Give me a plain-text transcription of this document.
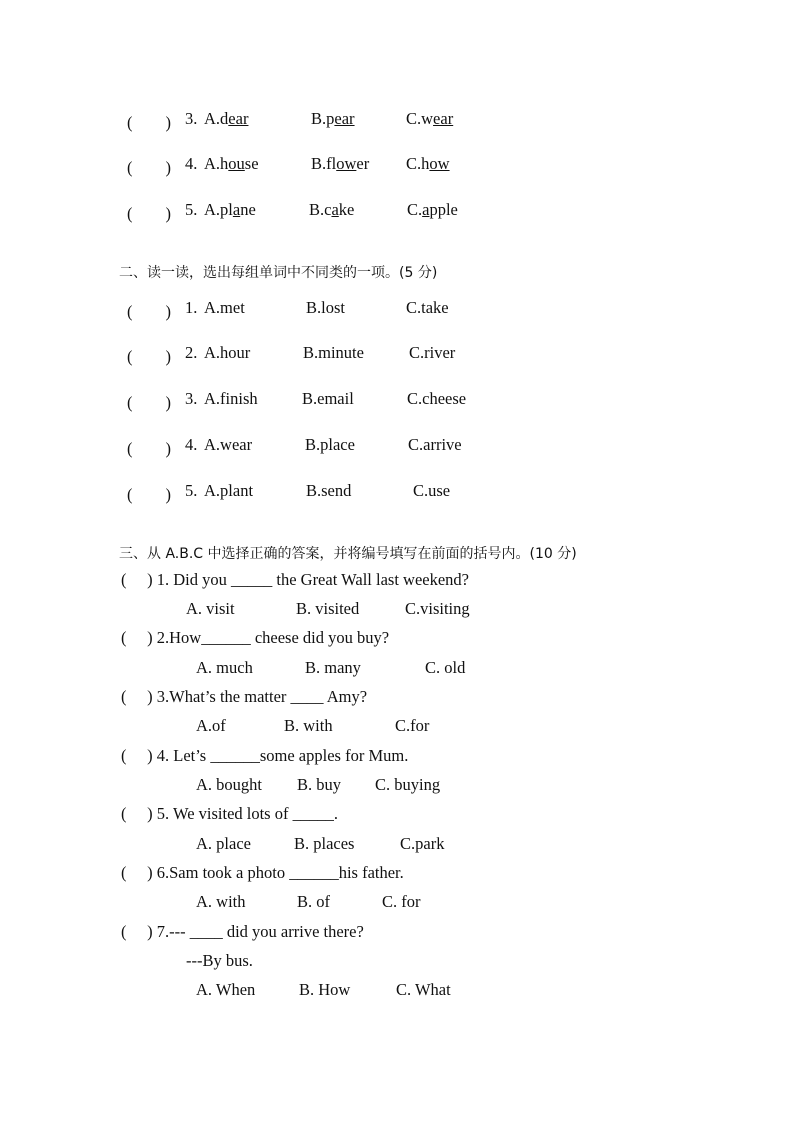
(　　) 3. A.dear	B.pear	C.wear
(　　) 4. A.house	B.flower C.how
(　　) 5. A.plane	B.cake	C.apple
二、读一读，选出每组单词中不同类的一项。(5 分)
(　　) 1. A.met	B.lost	C.take
(　　) 2. A.hour	B.minute	C.river
(　　) 3. A.finish	B.email	C.cheese
(　　) 4. A.wear	B.place	C.arrive
(　　) 5. A.plant	B.send	C.use
三、从 A.B.C 中选择正确的答案，并将编号填写在前面的括号内。(10 分)
(     ) 1. Did you _____ the Great Wall last weekend?
A. visit	B. visited	C.visiting
(     ) 2.How______ cheese did you buy?
A. much	B. many	C. old
(     ) 3.What’s the matter ____ Amy?
A.of	B. with	C.for
(     ) 4. Let’s ______some apples for Mum.
A. bought B. buy C. buying
(     ) 5. We visited lots of _____.
A. place	B. places	C.park
(     ) 6.Sam took a photo ______his father.
A. with	B. of	C. for
(     ) 7.--- ____ did you arrive there?
---By bus.
A. When	B. How	C. What
